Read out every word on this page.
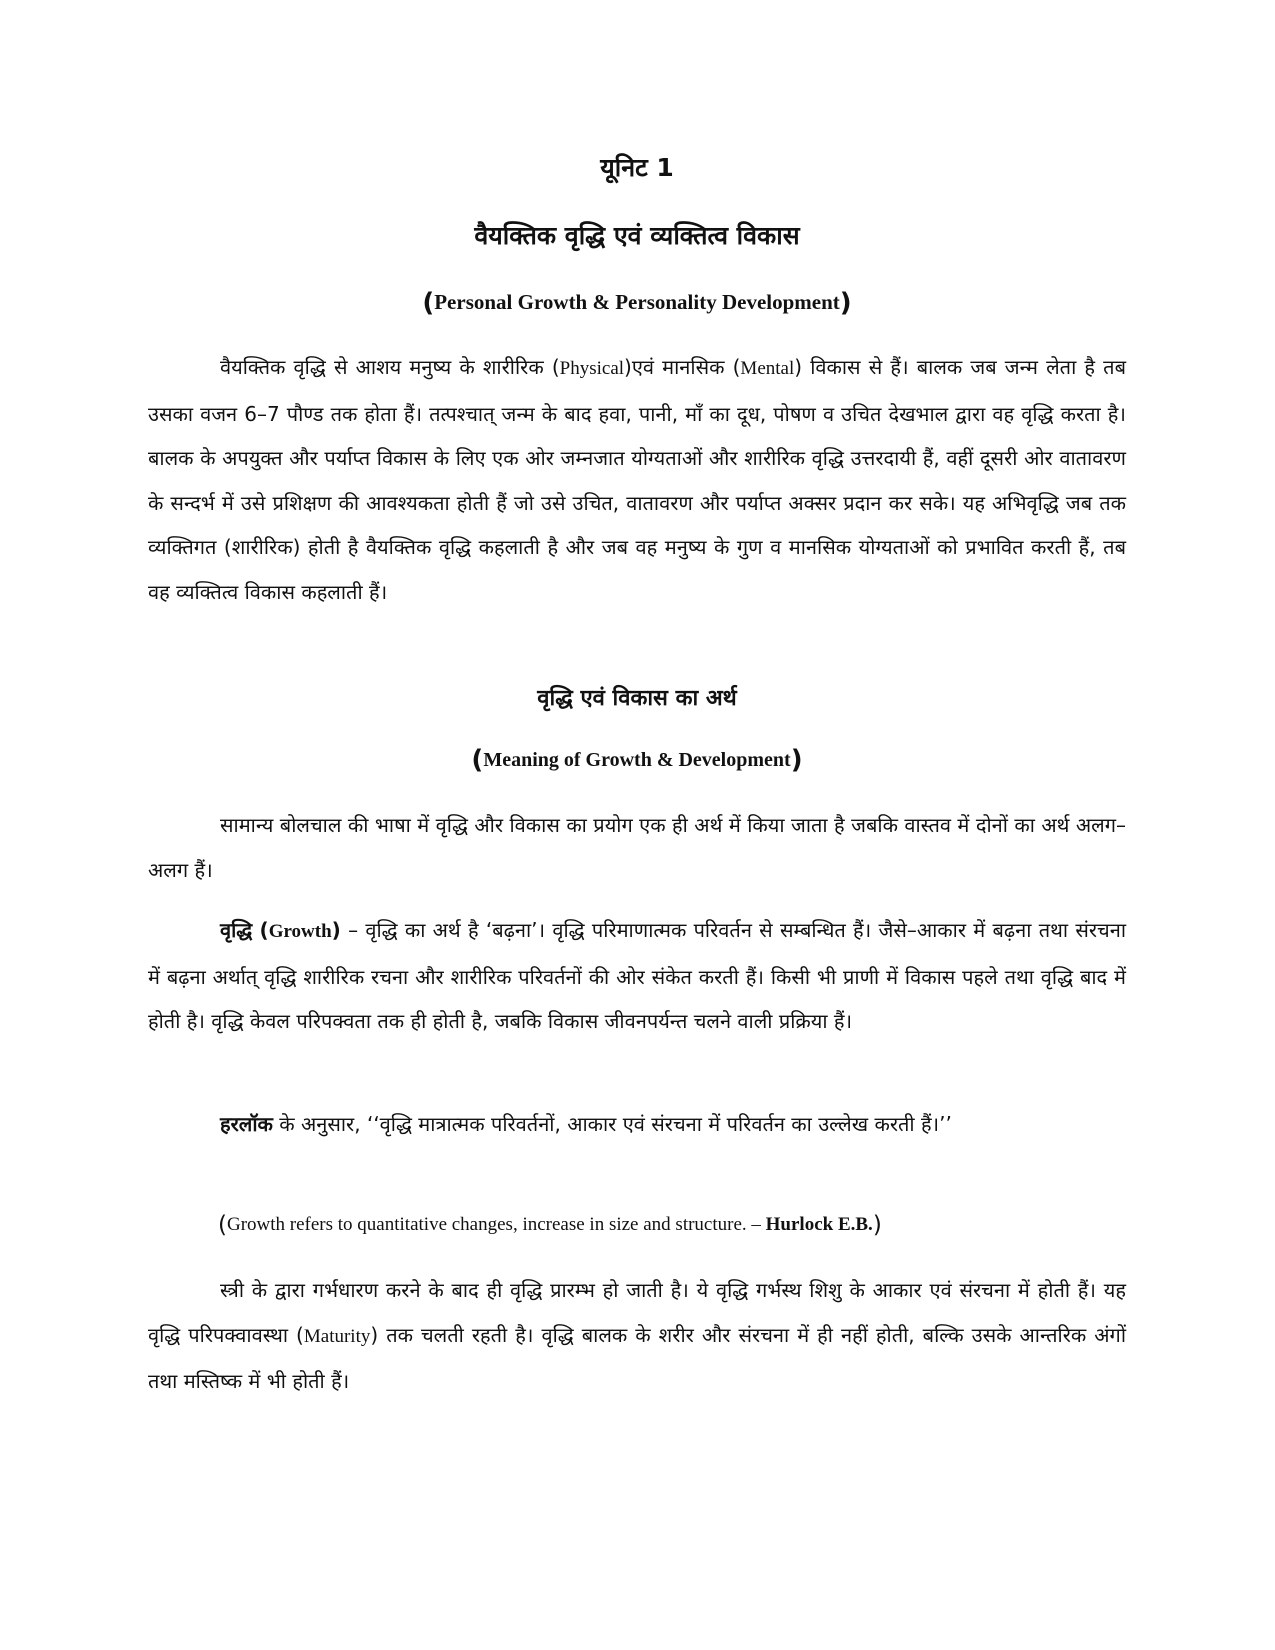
यूनिट 1
वैयक्तिक वृद्धि एवं व्यक्तित्व विकास
(Personal Growth & Personality Development)

वैयक्तिक वृद्धि से आशय मनुष्य के शारीरिक (Physical)एवं मानसिक (Mental) विकास से हैं। बालक जब जन्म लेता है तब उसका वजन 6–7 पौण्ड तक होता हैं। तत्पश्चात् जन्म के बाद हवा, पानी, माँ का दूध, पोषण व उचित देखभाल द्वारा वह वृद्धि करता है। बालक के अपयुक्त और पर्याप्त विकास के लिए एक ओर जम्नजात योग्यताओं और शारीरिक वृद्धि उत्तरदायी हैं, वहीं दूसरी ओर वातावरण के सन्दर्भ में उसे प्रशिक्षण की आवश्यकता होती हैं जो उसे उचित, वातावरण और पर्याप्त अक्सर प्रदान कर सके। यह अभिवृद्धि जब तक व्यक्तिगत (शारीरिक) होती है वैयक्तिक वृद्धि कहलाती है और जब वह मनुष्य के गुण व मानसिक योग्यताओं को प्रभावित करती हैं, तब वह व्यक्तित्व विकास कहलाती हैं।

वृद्धि एवं विकास का अर्थ
(Meaning of Growth & Development)

सामान्य बोलचाल की भाषा में वृद्धि और विकास का प्रयोग एक ही अर्थ में किया जाता है जबकि वास्तव में दोनों का अर्थ अलग–अलग हैं।

वृद्धि (Growth) – वृद्धि का अर्थ है ‘बढ़ना’। वृद्धि परिमाणात्मक परिवर्तन से सम्बन्धित हैं। जैसे–आकार में बढ़ना तथा संरचना में बढ़ना अर्थात् वृद्धि शारीरिक रचना और शारीरिक परिवर्तनों की ओर संकेत करती हैं। किसी भी प्राणी में विकास पहले तथा वृद्धि बाद में होती है। वृद्धि केवल परिपक्वता तक ही होती है, जबकि विकास जीवनपर्यन्त चलने वाली प्रक्रिया हैं।

हरलॉक के अनुसार, ‘‘वृद्धि मात्रात्मक परिवर्तनों, आकार एवं संरचना में परिवर्तन का उल्लेख करती हैं।’’

(Growth refers to quantitative changes, increase in size and structure. – Hurlock E.B.)

स्त्री के द्वारा गर्भधारण करने के बाद ही वृद्धि प्रारम्भ हो जाती है। ये वृद्धि गर्भस्थ शिशु के आकार एवं संरचना में होती हैं। यह वृद्धि परिपक्वावस्था (Maturity) तक चलती रहती है। वृद्धि बालक के शरीर और संरचना में ही नहीं होती, बल्कि उसके आन्तरिक अंगों तथा मस्तिष्क में भी होती हैं।
